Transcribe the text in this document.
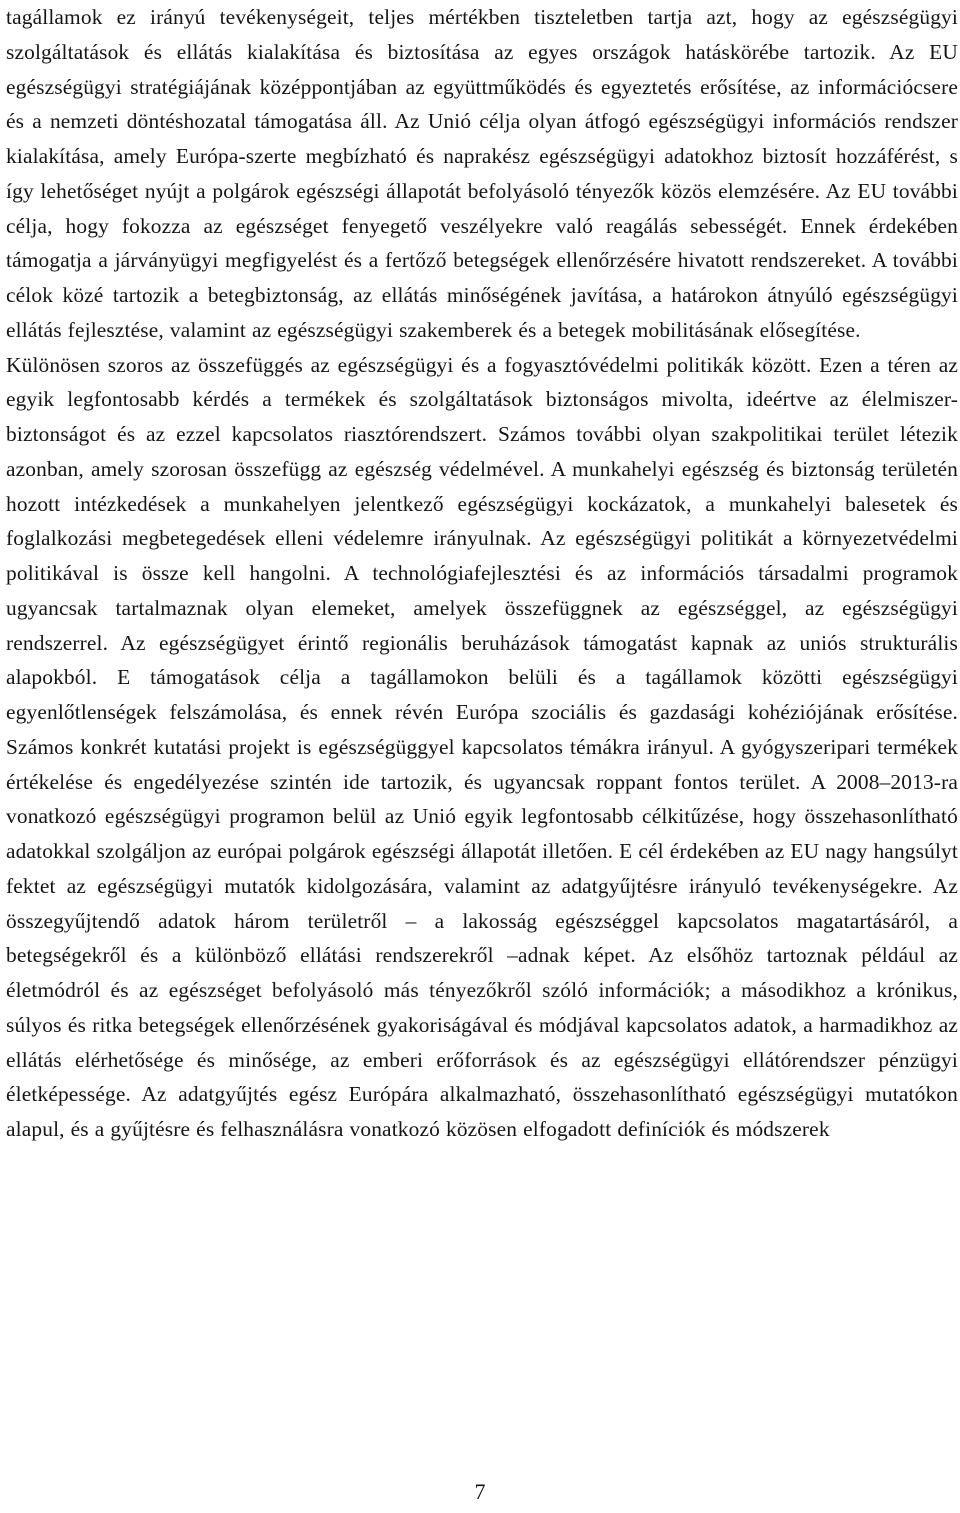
tagállamok ez irányú tevékenységeit, teljes mértékben tiszteletben tartja azt, hogy az egészségügyi szolgáltatások és ellátás kialakítása és biztosítása az egyes országok hatáskörébe tartozik. Az EU egészségügyi stratégiájának középpontjában az együttműködés és egyeztetés erősítése, az információcsere és a nemzeti döntéshozatal támogatása áll. Az Unió célja olyan átfogó egészségügyi információs rendszer kialakítása, amely Európa-szerte megbízható és naprakész egészségügyi adatokhoz biztosít hozzáférést, s így lehetőséget nyújt a polgárok egészségi állapotát befolyásoló tényezők közös elemzésére. Az EU további célja, hogy fokozza az egészséget fenyegető veszélyekre való reagálás sebességét. Ennek érdekében támogatja a járványügyi megfigyelést és a fertőző betegségek ellenőrzésére hivatott rendszereket. A további célok közé tartozik a betegbiztonság, az ellátás minőségének javítása, a határokon átnyúló egészségügyi ellátás fejlesztése, valamint az egészségügyi szakemberek és a betegek mobilitásának elősegítése.

Különösen szoros az összefüggés az egészségügyi és a fogyasztóvédelmi politikák között. Ezen a téren az egyik legfontosabb kérdés a termékek és szolgáltatások biztonságos mivolta, ideértve az élelmiszer-biztonságot és az ezzel kapcsolatos riasztórendszert. Számos további olyan szakpolitikai terület létezik azonban, amely szorosan összefügg az egészség védelmével. A munkahelyi egészség és biztonság területén hozott intézkedések a munkahelyen jelentkező egészségügyi kockázatok, a munkahelyi balesetek és foglalkozási megbetegedések elleni védelemre irányulnak. Az egészségügyi politikát a környezetvédelmi politikával is össze kell hangolni. A technológiafejlesztési és az információs társadalmi programok ugyancsak tartalmaznak olyan elemeket, amelyek összefüggnek az egészséggel, az egészségügyi rendszerrel. Az egészségügyet érintő regionális beruházások támogatást kapnak az uniós strukturális alapokból. E támogatások célja a tagállamokon belüli és a tagállamok közötti egészségügyi egyenlőtlenségek felszámolása, és ennek révén Európa szociális és gazdasági kohéziójának erősítése. Számos konkrét kutatási projekt is egészségüggyel kapcsolatos témákra irányul. A gyógyszeripari termékek értékelése és engedélyezése szintén ide tartozik, és ugyancsak roppant fontos terület. A 2008–2013-ra vonatkozó egészségügyi programon belül az Unió egyik legfontosabb célkitűzése, hogy összehasonlítható adatokkal szolgáljon az európai polgárok egészségi állapotát illetően. E cél érdekében az EU nagy hangsúlyt fektet az egészségügyi mutatók kidolgozására, valamint az adatgyűjtésre irányuló tevékenységekre. Az összegyűjtendő adatok három területről – a lakosság egészséggel kapcsolatos magatartásáról, a betegségekről és a különböző ellátási rendszerekről –adnak képet. Az elsőhöz tartoznak például az életmódról és az egészséget befolyásoló más tényezőkről szóló információk; a másodikhoz a krónikus, súlyos és ritka betegségek ellenőrzésének gyakoriságával és módjával kapcsolatos adatok, a harmadikhoz az ellátás elérhetősége és minősége, az emberi erőforrások és az egészségügyi ellátórendszer pénzügyi életképessége. Az adatgyűjtés egész Európára alkalmazható, összehasonlítható egészségügyi mutatókon alapul, és a gyűjtésre és felhasználásra vonatkozó közösen elfogadott definíciók és módszerek

7
